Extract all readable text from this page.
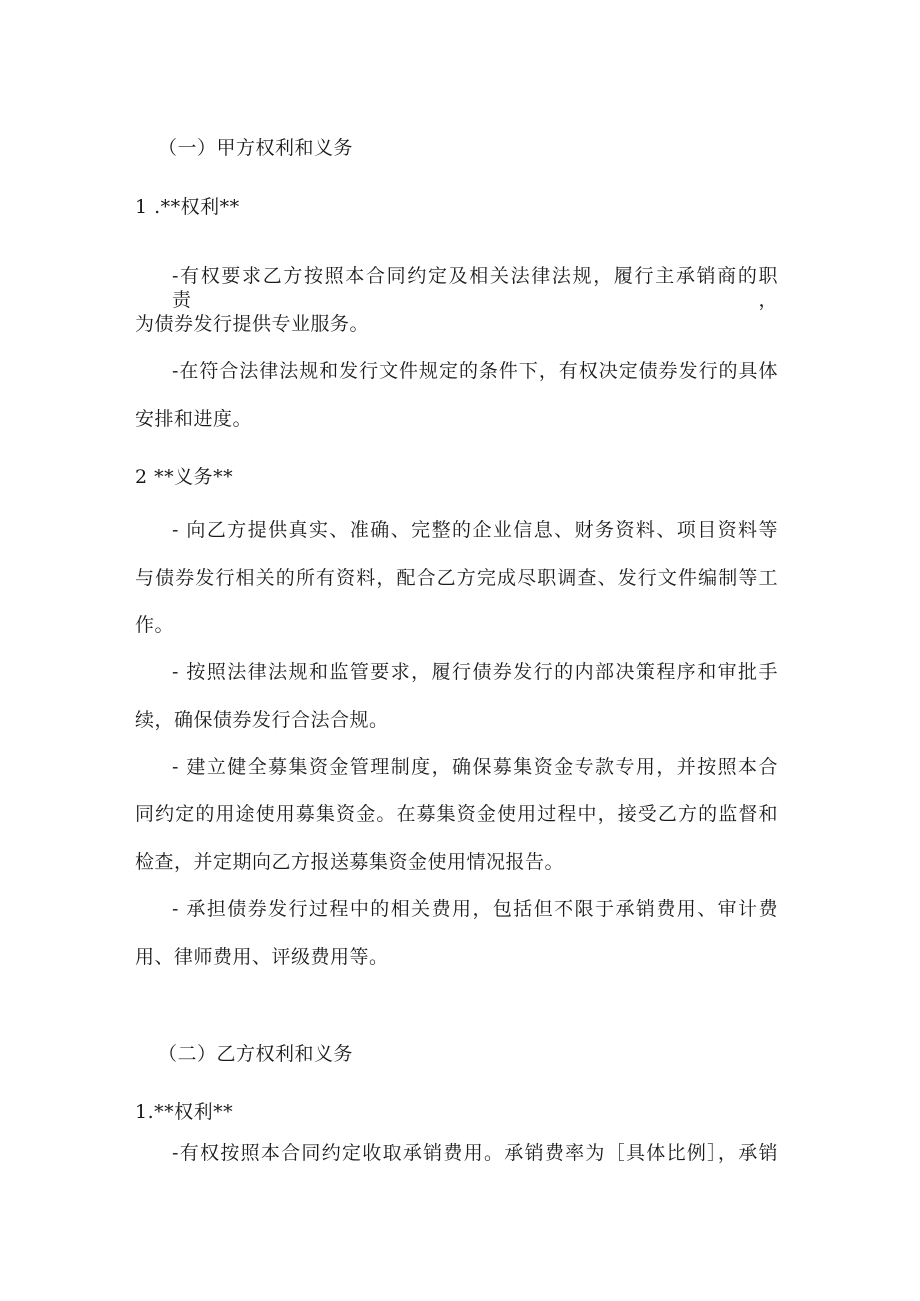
（一）甲方权利和义务
1 .**权利**
-有权要求乙方按照本合同约定及相关法律法规，履行主承销商的职责，
为债券发行提供专业服务。
-在符合法律法规和发行文件规定的条件下，有权决定债券发行的具体
安排和进度。
2 **义务**
- 向乙方提供真实、准确、完整的企业信息、财务资料、项目资料等
与债券发行相关的所有资料，配合乙方完成尽职调查、发行文件编制等工
作。
- 按照法律法规和监管要求，履行债券发行的内部决策程序和审批手
续，确保债券发行合法合规。
- 建立健全募集资金管理制度，确保募集资金专款专用，并按照本合
同约定的用途使用募集资金。在募集资金使用过程中，接受乙方的监督和
检查，并定期向乙方报送募集资金使用情况报告。
- 承担债券发行过程中的相关费用，包括但不限于承销费用、审计费
用、律师费用、评级费用等。
（二）乙方权利和义务
1.**权利**
-有权按照本合同约定收取承销费用。承销费率为［具体比例］，承销
